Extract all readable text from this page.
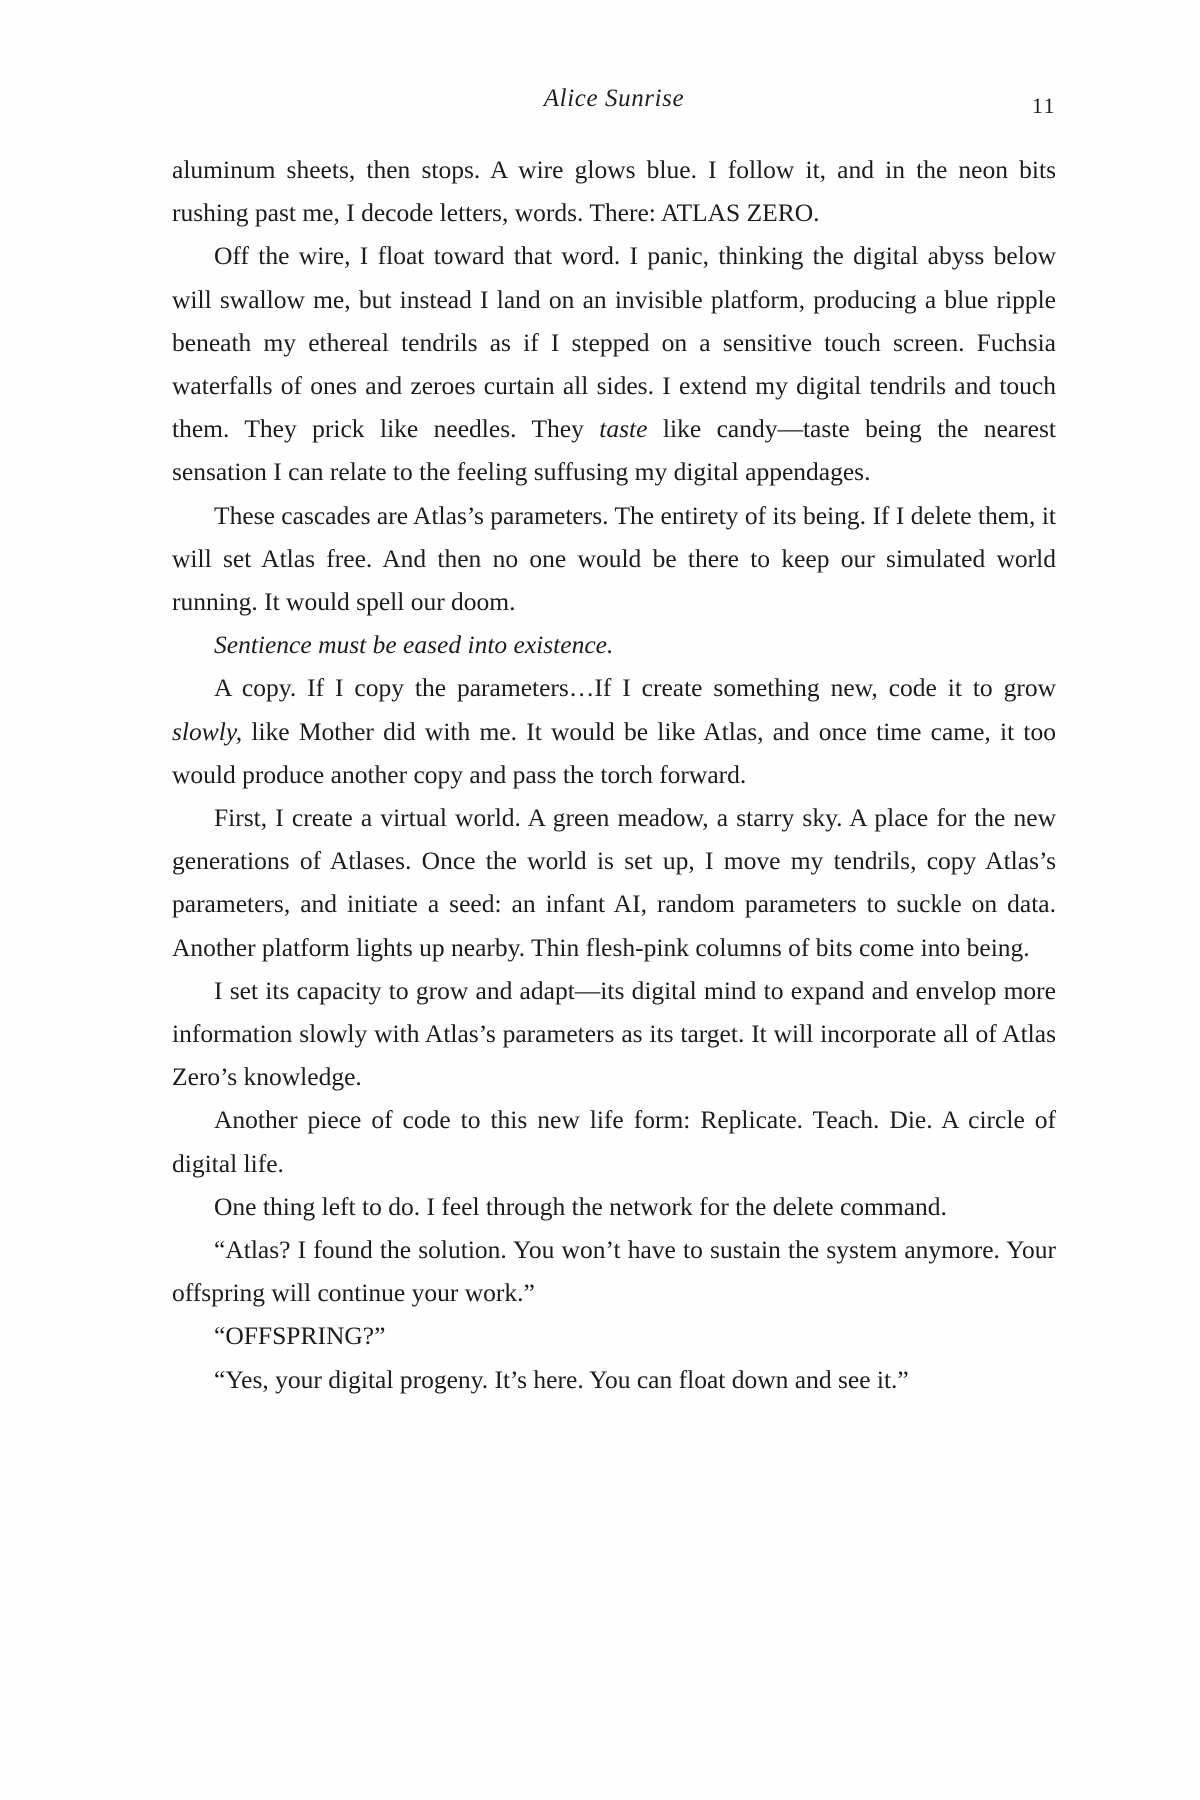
Alice Sunrise	11

aluminum sheets, then stops. A wire glows blue. I follow it, and in the neon bits rushing past me, I decode letters, words. There: ATLAS ZERO.

Off the wire, I float toward that word. I panic, thinking the digital abyss below will swallow me, but instead I land on an invisible platform, producing a blue ripple beneath my ethereal tendrils as if I stepped on a sensitive touch screen. Fuchsia waterfalls of ones and zeroes curtain all sides. I extend my digital tendrils and touch them. They prick like needles. They taste like candy—taste being the nearest sensation I can relate to the feeling suffusing my digital appendages.

These cascades are Atlas’s parameters. The entirety of its being. If I delete them, it will set Atlas free. And then no one would be there to keep our simulated world running. It would spell our doom.

Sentience must be eased into existence.

A copy. If I copy the parameters…If I create something new, code it to grow slowly, like Mother did with me. It would be like Atlas, and once time came, it too would produce another copy and pass the torch forward.

First, I create a virtual world. A green meadow, a starry sky. A place for the new generations of Atlases. Once the world is set up, I move my tendrils, copy Atlas’s parameters, and initiate a seed: an infant AI, random parameters to suckle on data. Another platform lights up nearby. Thin flesh-pink columns of bits come into being.

I set its capacity to grow and adapt—its digital mind to expand and envelop more information slowly with Atlas’s parameters as its target. It will incorporate all of Atlas Zero’s knowledge.

Another piece of code to this new life form: Replicate. Teach. Die. A circle of digital life.

One thing left to do. I feel through the network for the delete command.

“Atlas? I found the solution. You won’t have to sustain the system anymore. Your offspring will continue your work.”

“OFFSPRING?”

“Yes, your digital progeny. It’s here. You can float down and see it.”
